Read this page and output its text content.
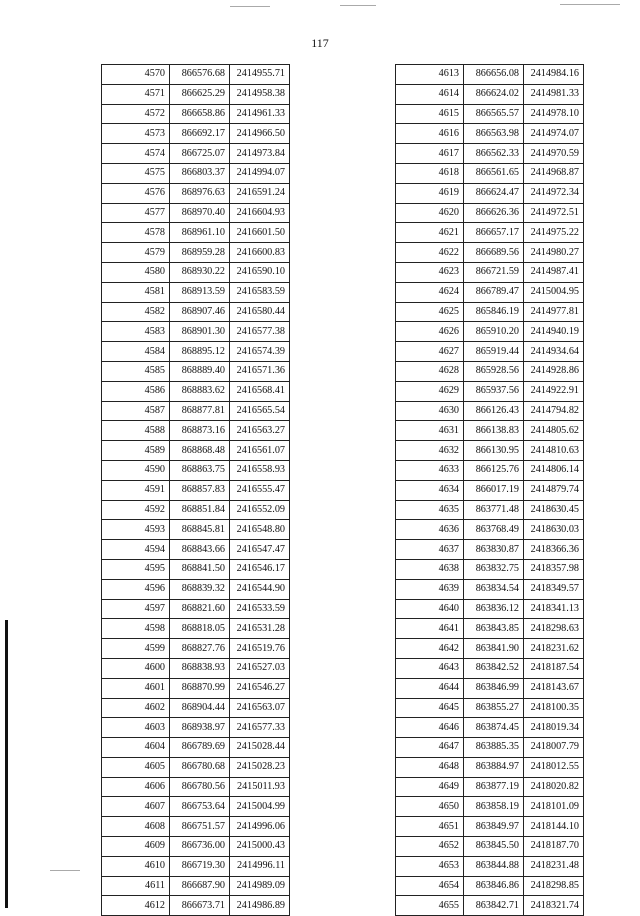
117
4570	866576.68	2414955.71
4571	866625.29	2414958.38
4572	866658.86	2414961.33
4573	866692.17	2414966.50
4574	866725.07	2414973.84
4575	866803.37	2414994.07
4576	868976.63	2416591.24
4577	868970.40	2416604.93
4578	868961.10	2416601.50
4579	868959.28	2416600.83
4580	868930.22	2416590.10
4581	868913.59	2416583.59
4582	868907.46	2416580.44
4583	868901.30	2416577.38
4584	868895.12	2416574.39
4585	868889.40	2416571.36
4586	868883.62	2416568.41
4587	868877.81	2416565.54
4588	868873.16	2416563.27
4589	868868.48	2416561.07
4590	868863.75	2416558.93
4591	868857.83	2416555.47
4592	868851.84	2416552.09
4593	868845.81	2416548.80
4594	868843.66	2416547.47
4595	868841.50	2416546.17
4596	868839.32	2416544.90
4597	868821.60	2416533.59
4598	868818.05	2416531.28
4599	868827.76	2416519.76
4600	868838.93	2416527.03
4601	868870.99	2416546.27
4602	868904.44	2416563.07
4603	868938.97	2416577.33
4604	866789.69	2415028.44
4605	866780.68	2415028.23
4606	866780.56	2415011.93
4607	866753.64	2415004.99
4608	866751.57	2414996.06
4609	866736.00	2415000.43
4610	866719.30	2414996.11
4611	866687.90	2414989.09
4612	866673.71	2414986.89
4613	866656.08	2414984.16
4614	866624.02	2414981.33
4615	866565.57	2414978.10
4616	866563.98	2414974.07
4617	866562.33	2414970.59
4618	866561.65	2414968.87
4619	866624.47	2414972.34
4620	866626.36	2414972.51
4621	866657.17	2414975.22
4622	866689.56	2414980.27
4623	866721.59	2414987.41
4624	866789.47	2415004.95
4625	865846.19	2414977.81
4626	865910.20	2414940.19
4627	865919.44	2414934.64
4628	865928.56	2414928.86
4629	865937.56	2414922.91
4630	866126.43	2414794.82
4631	866138.83	2414805.62
4632	866130.95	2414810.63
4633	866125.76	2414806.14
4634	866017.19	2414879.74
4635	863771.48	2418630.45
4636	863768.49	2418630.03
4637	863830.87	2418366.36
4638	863832.75	2418357.98
4639	863834.54	2418349.57
4640	863836.12	2418341.13
4641	863843.85	2418298.63
4642	863841.90	2418231.62
4643	863842.52	2418187.54
4644	863846.99	2418143.67
4645	863855.27	2418100.35
4646	863874.45	2418019.34
4647	863885.35	2418007.79
4648	863884.97	2418012.55
4649	863877.19	2418020.82
4650	863858.19	2418101.09
4651	863849.97	2418144.10
4652	863845.50	2418187.70
4653	863844.88	2418231.48
4654	863846.86	2418298.85
4655	863842.71	2418321.74
